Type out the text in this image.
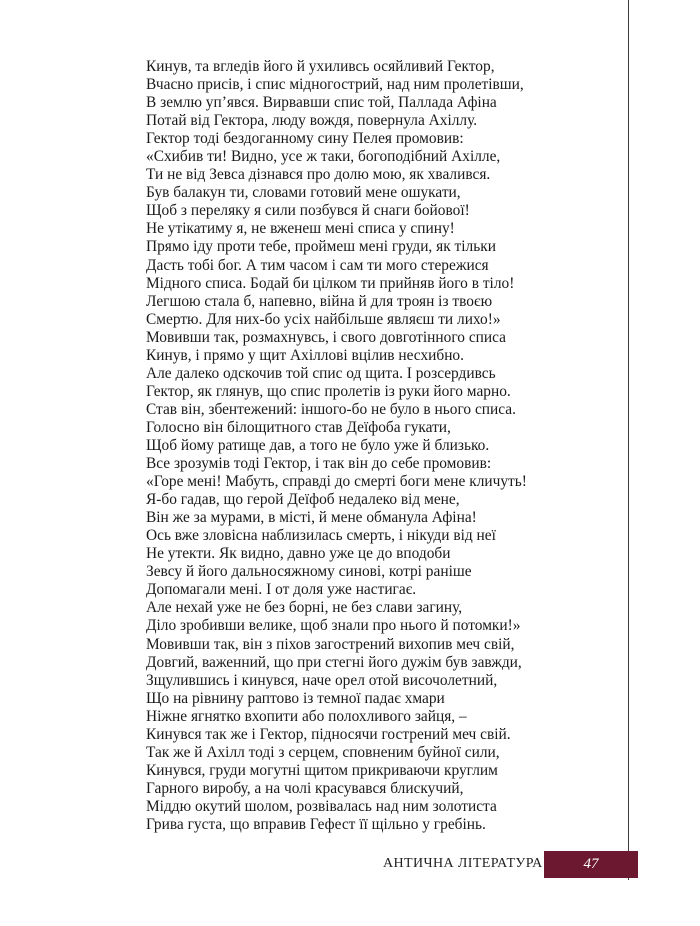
Кинув, та вгледів його й ухиливсь осяйливий Гектор,
Вчасно присів, і спис мідногострий, над ним пролетівши,
В землю уп’явся. Вирвавши спис той, Паллада Афіна
Потай від Гектора, люду вождя, повернула Ахіллу.
Гектор тоді бездоганному сину Пелея промовив:
«Схибив ти! Видно, усе ж таки, богоподібний Ахілле,
Ти не від Зевса дізнався про долю мою, як хвалився.
Був балакун ти, словами готовий мене ошукати,
Щоб з переляку я сили позбувся й снаги бойової!
Не утікатиму я, не вженеш мені списа у спину!
Прямо іду проти тебе, проймеш мені груди, як тільки
Дасть тобі бог. А тим часом і сам ти мого стережися
Мідного списа. Бодай би цілком ти прийняв його в тіло!
Легшою стала б, напевно, війна й для троян із твоєю
Смертю. Для них-бо усіх найбільше являєш ти лихо!»
Мовивши так, розмахнувсь, і свого довготінного списа
Кинув, і прямо у щит Ахіллові вцілив несхибно.
Але далеко одскочив той спис од щита. І розсердивсь
Гектор, як глянув, що спис пролетів із руки його марно.
Став він, збентежений: іншого-бо не було в нього списа.
Голосно він білощитного став Деїфоба гукати,
Щоб йому ратище дав, а того не було уже й близько.
Все зрозумів тоді Гектор, і так він до себе промовив:
«Горе мені! Мабуть, справді до смерті боги мене кличуть!
Я-бо гадав, що герой Деїфоб недалеко від мене,
Він же за мурами, в місті, й мене обманула Афіна!
Ось вже зловісна наблизилась смерть, і нікуди від неї
Не утекти. Як видно, давно уже це до вподоби
Зевсу й його дальносяжному синові, котрі раніше
Допомагали мені. І от доля уже настигає.
Але нехай уже не без борні, не без слави загину,
Діло зробивши велике, щоб знали про нього й потомки!»
Мовивши так, він з піхов загострений вихопив меч свій,
Довгий, важенний, що при стегні його дужім був завжди,
Зщулившись і кинувся, наче орел отой височолетний,
Що на рівнину раптово із темної падає хмари
Ніжне ягнятко вхопити або полохливого зайця, –
Кинувся так же і Гектор, підносячи гострений меч свій.
Так же й Ахілл тоді з серцем, сповненим буйної сили,
Кинувся, груди могутні щитом прикриваючи круглим
Гарного виробу, а на чолі красувався блискучий,
Міддю окутий шолом, розвівалась над ним золотиста
Грива густа, що вправив Гефест її щільно у гребінь.
АНТИЧНА ЛІТЕРАТУРА	47
